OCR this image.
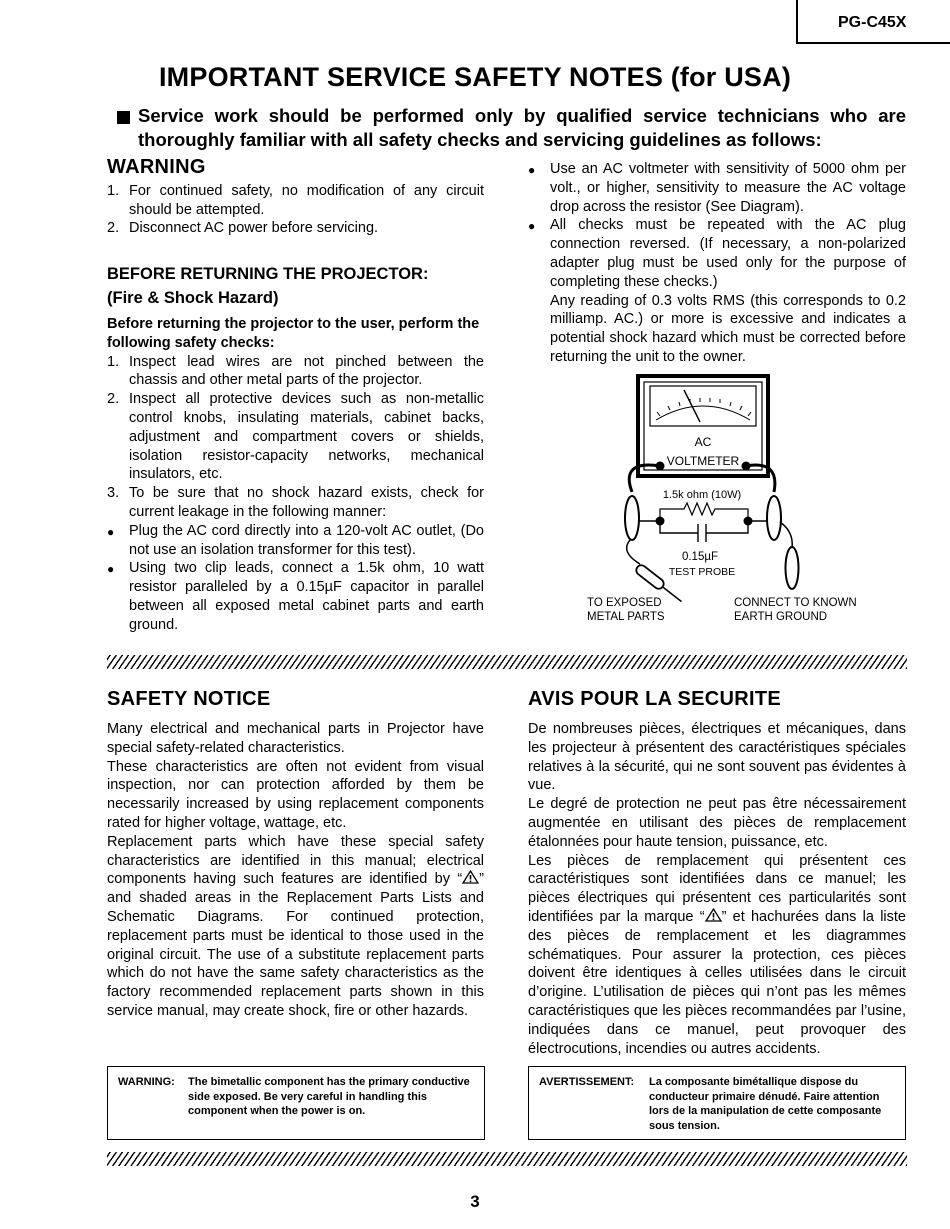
PG-C45X
IMPORTANT SERVICE SAFETY NOTES (for USA)

Service work should be performed only by qualified service technicians who are thoroughly familiar with all safety checks and servicing guidelines as follows:

WARNING
1. For continued safety, no modification of any circuit should be attempted.
2. Disconnect AC power before servicing.
BEFORE RETURNING THE PROJECTOR:
(Fire & Shock Hazard)
Before returning the projector to the user, perform the following safety checks:
1. Inspect lead wires are not pinched between the chassis and other metal parts of the projector.
2. Inspect all protective devices such as non-metallic control knobs, insulating materials, cabinet backs, adjustment and compartment covers or shields, isolation resistor-capacity networks, mechanical insulators, etc.
3. To be sure that no shock hazard exists, check for current leakage in the following manner:
● Plug the AC cord directly into a 120-volt AC outlet, (Do not use an isolation transformer for this test).
● Using two clip leads, connect a 1.5k ohm, 10 watt resistor paralleled by a 0.15µF capacitor in parallel between all exposed metal cabinet parts and earth ground.
● Use an AC voltmeter with sensitivity of 5000 ohm per volt., or higher, sensitivity to measure the AC voltage drop across the resistor (See Diagram).
● All checks must be repeated with the AC plug connection reversed. (If necessary, a non-polarized adapter plug must be used only for the purpose of completing these checks.)
Any reading of 0.3 volts RMS (this corresponds to 0.2 milliamp. AC.) or more is excessive and indicates a potential shock hazard which must be corrected before returning the unit to the owner.
AC
VOLTMETER
1.5k ohm (10W)
0.15µF
TEST PROBE
TO EXPOSED
METAL PARTS
CONNECT TO KNOWN
EARTH GROUND
SAFETY NOTICE
Many electrical and mechanical parts in Projector have special safety-related characteristics.
These characteristics are often not evident from visual inspection, nor can protection afforded by them be necessarily increased by using replacement components rated for higher voltage, wattage, etc.
Replacement parts which have these special safety characteristics are identified in this manual; electrical components having such features are identified by “ ” and shaded areas in the Replacement Parts Lists and Schematic Diagrams. For continued protection, replacement parts must be identical to those used in the original circuit. The use of a substitute replacement parts which do not have the same safety characteristics as the factory recommended replacement parts shown in this service manual, may create shock, fire or other hazards.
AVIS POUR LA SECURITE
De nombreuses pièces, électriques et mécaniques, dans les projecteur à présentent des caractéristiques spéciales relatives à la sécurité, qui ne sont souvent pas évidentes à vue.
Le degré de protection ne peut pas être nécessairement augmentée en utilisant des pièces de remplacement étalonnées pour haute tension, puissance, etc.
Les pièces de remplacement qui présentent ces caractéristiques sont identifiées dans ce manuel; les pièces électriques qui présentent ces particularités sont identifiées par la marque “ ” et hachurées dans la liste des pièces de remplacement et les diagrammes schématiques. Pour assurer la protection, ces pièces doivent être identiques à celles utilisées dans le circuit d’origine. L’utilisation de pièces qui n’ont pas les mêmes caractéristiques que les pièces recommandées par l’usine, indiquées dans ce manuel, peut provoquer des électrocutions, incendies ou autres accidents.
WARNING:	The bimetallic component has the primary conductive side exposed. Be very careful in handling this component when the power is on.
AVERTISSEMENT:	La composante bimétallique dispose du conducteur primaire dénudé. Faire attention lors de la manipulation de cette composante sous tension.
3
